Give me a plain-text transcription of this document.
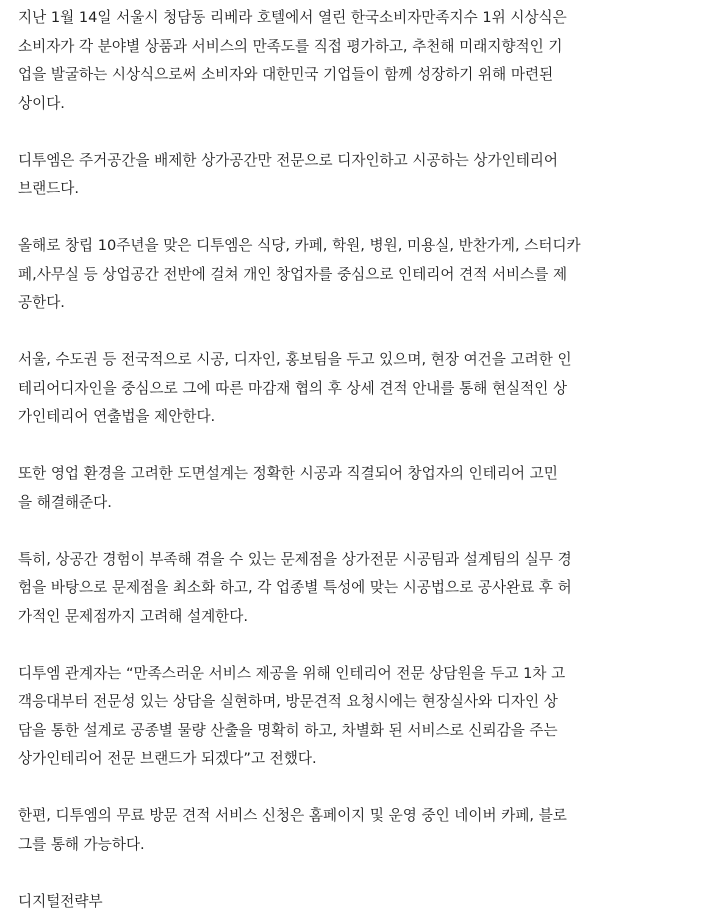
지난 1월 14일 서울시 청담동 리베라 호텔에서 열린 한국소비자만족지수 1위 시상식은
소비자가 각 분야별 상품과 서비스의 만족도를 직접 평가하고, 추천해 미래지향적인 기
업을 발굴하는 시상식으로써 소비자와 대한민국 기업들이 함께 성장하기 위해 마련된
상이다.

디투엠은 주거공간을 배제한 상가공간만 전문으로 디자인하고 시공하는 상가인테리어
브랜드다.

올해로 창립 10주년을 맞은 디투엠은 식당, 카페, 학원, 병원, 미용실, 반찬가게, 스터디카
페,사무실 등 상업공간 전반에 걸쳐 개인 창업자를 중심으로 인테리어 견적 서비스를 제
공한다.

서울, 수도권 등 전국적으로 시공, 디자인, 홍보팀을 두고 있으며, 현장 여건을 고려한 인
테리어디자인을 중심으로 그에 따른 마감재 협의 후 상세 견적 안내를 통해 현실적인 상
가인테리어 연출법을 제안한다.

또한 영업 환경을 고려한 도면설계는 정확한 시공과 직결되어 창업자의 인테리어 고민
을 해결해준다.

특히, 상공간 경험이 부족해 겪을 수 있는 문제점을 상가전문 시공팀과 설계팀의 실무 경
험을 바탕으로 문제점을 최소화 하고, 각 업종별 특성에 맞는 시공법으로 공사완료 후 허
가적인 문제점까지 고려해 설계한다.

디투엠 관계자는 “만족스러운 서비스 제공을 위해 인테리어 전문 상담원을 두고 1차 고
객응대부터 전문성 있는 상담을 실현하며, 방문견적 요청시에는 현장실사와 디자인 상
담을 통한 설계로 공종별 물량 산출을 명확히 하고, 차별화 된 서비스로 신뢰감을 주는
상가인테리어 전문 브랜드가 되겠다”고 전했다.

한편, 디투엠의 무료 방문 견적 서비스 신청은 홈페이지 및 운영 중인 네이버 카페, 블로
그를 통해 가능하다.

디지털전략부
